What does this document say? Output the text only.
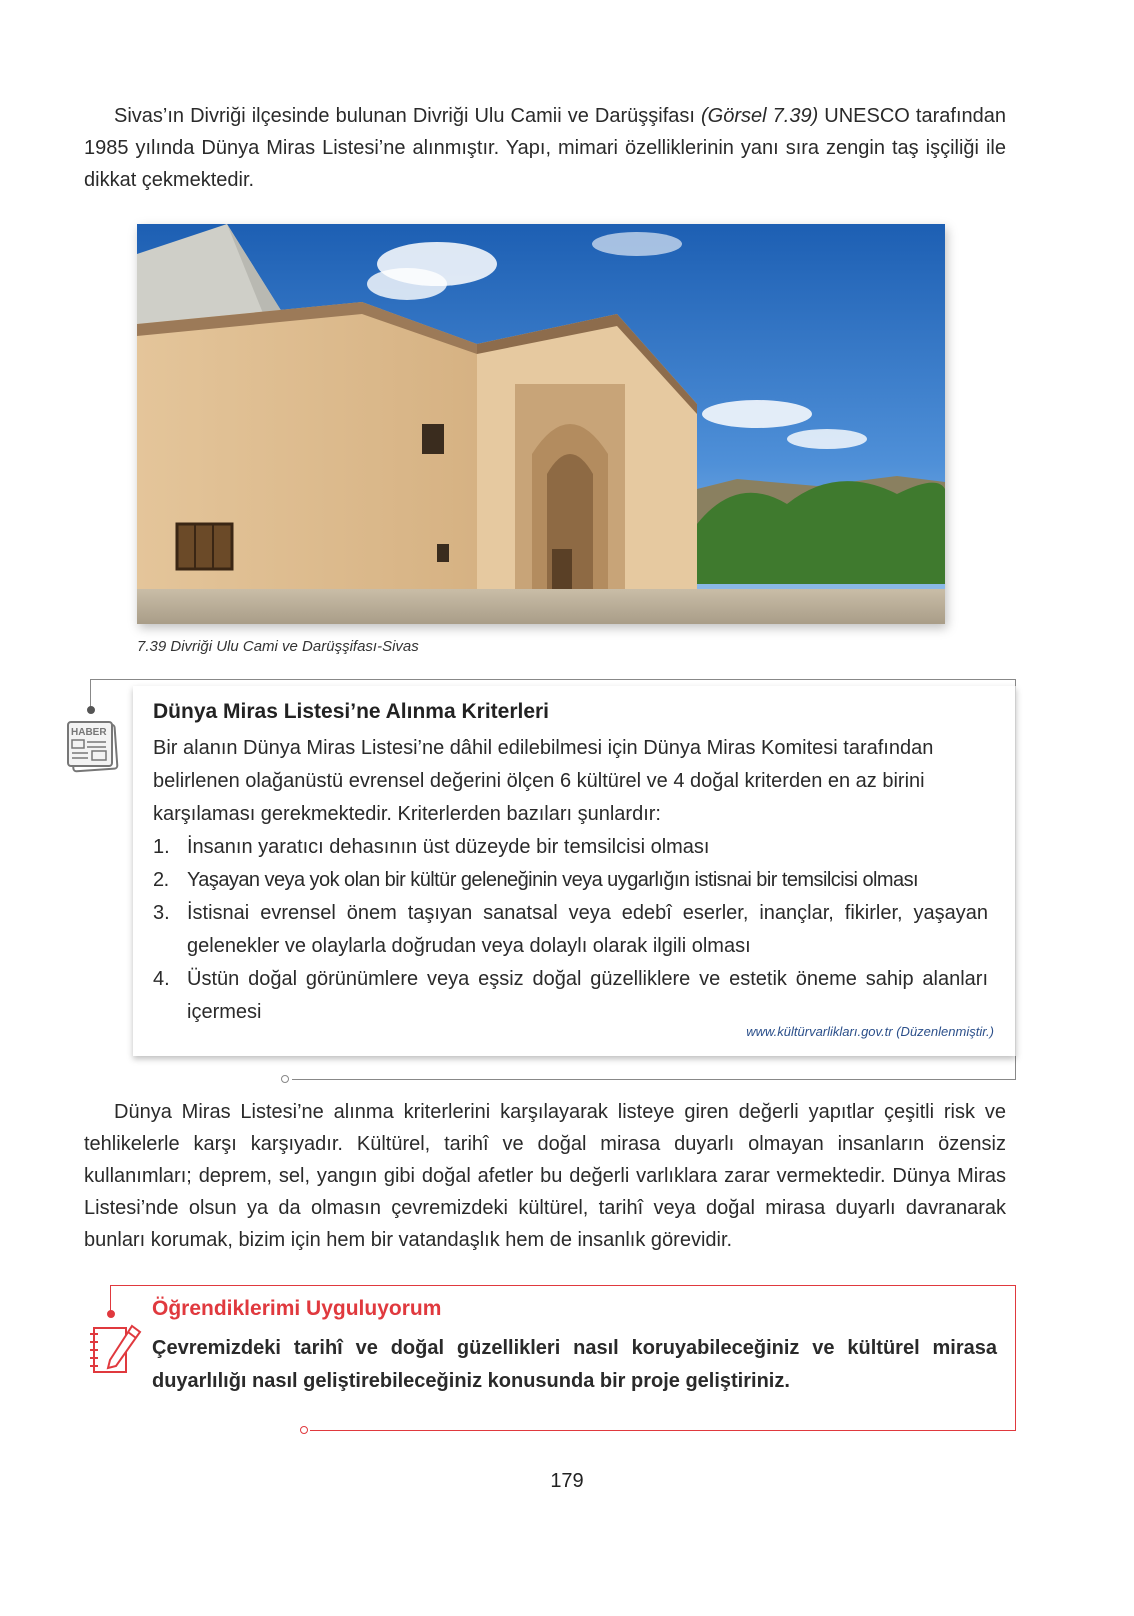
Sivas’ın Divriği ilçesinde bulunan Divriği Ulu Camii ve Darüşşifası (Görsel 7.39) UNESCO tarafından 1985 yılında Dünya Miras Listesi’ne alınmıştır. Yapı, mimari özelliklerinin yanı sıra zengin taş işçiliği ile dikkat çekmektedir.
7.39 Divriği Ulu Cami ve Darüşşifası-Sivas
HABER
Dünya Miras Listesi’ne Alınma Kriterleri
Bir alanın Dünya Miras Listesi’ne dâhil edilebilmesi için Dünya Miras Komitesi tarafından belirlenen olağanüstü evrensel değerini ölçen 6 kültürel ve 4 doğal kriterden en az birini karşılaması gerekmektedir. Kriterlerden bazıları şunlardır:
1. İnsanın yaratıcı dehasının üst düzeyde bir temsilcisi olması
2. Yaşayan veya yok olan bir kültür geleneğinin veya uygarlığın istisnai bir temsilcisi olması
3. İstisnai evrensel önem taşıyan sanatsal veya edebî eserler, inançlar, fikirler, yaşayan gelenekler ve olaylarla doğrudan veya dolaylı olarak ilgili olması
4. Üstün doğal görünümlere veya eşsiz doğal güzelliklere ve estetik öneme sahip alanları içermesi
www.kültürvarlikları.gov.tr (Düzenlenmiştir.)
Dünya Miras Listesi’ne alınma kriterlerini karşılayarak listeye giren değerli yapıtlar çeşitli risk ve tehlikelerle karşı karşıyadır. Kültürel, tarihî ve doğal mirasa duyarlı olmayan insanların özensiz kullanımları; deprem, sel, yangın gibi doğal afetler bu değerli varlıklara zarar vermektedir. Dünya Miras Listesi’nde olsun ya da olmasın çevremizdeki kültürel, tarihî veya doğal mirasa duyarlı davranarak bunları korumak, bizim için hem bir vatandaşlık hem de insanlık görevidir.
Öğrendiklerimi Uyguluyorum
Çevremizdeki tarihî ve doğal güzellikleri nasıl koruyabileceğiniz ve kültürel mirasa duyarlılığı nasıl geliştirebileceğiniz konusunda bir proje geliştiriniz.
179
